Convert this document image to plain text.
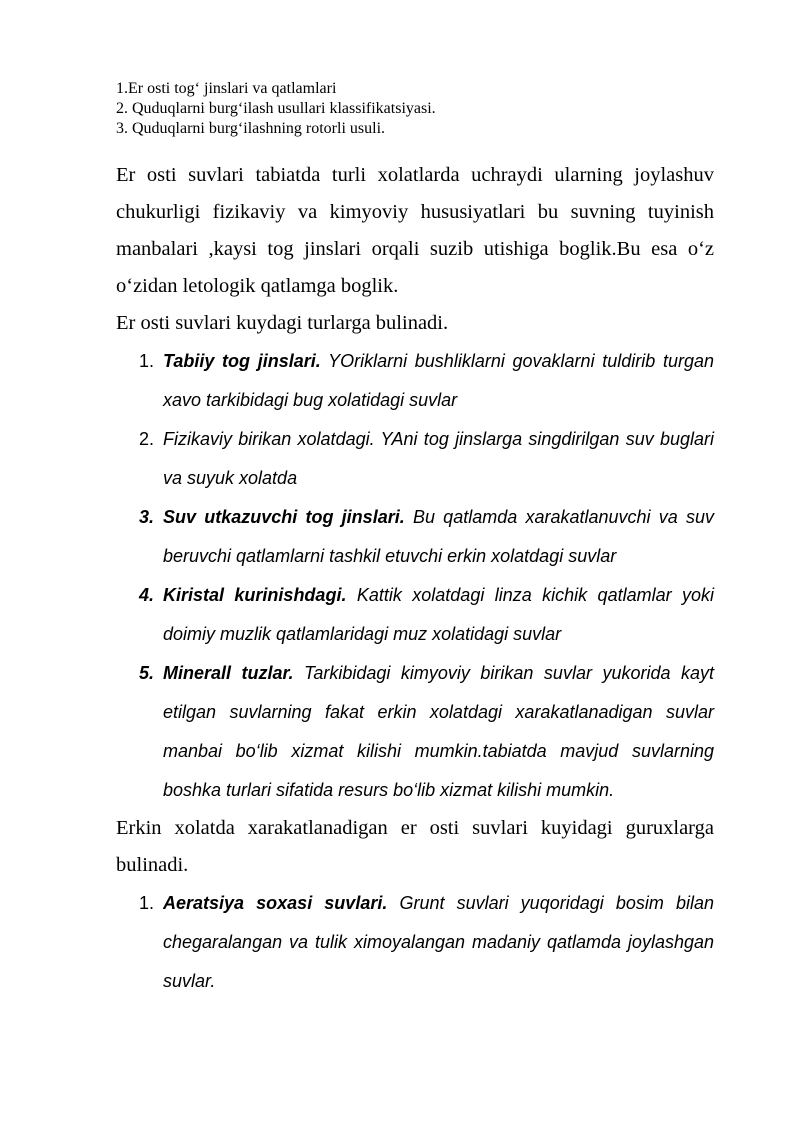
1.Er osti tog‘ jinslari va qatlamlari

2. Quduqlarni burg‘ilash usullari klassifikatsiyasi.

3. Quduqlarni burg‘ilashning rotorli usuli.

Er osti suvlari tabiatda turli xolatlarda uchraydi ularning joylashuv chukurligi fizikaviy va kimyoviy hususiyatlari bu suvning tuyinish manbalari ,kaysi tog jinslari orqali suzib utishiga boglik.Bu esa o‘z o‘zidan letologik qatlamga boglik.

Er osti suvlari kuydagi turlarga bulinadi.

1. Tabiiy tog jinslari. YOriklarni bushliklarni govaklarni tuldirib turgan xavo tarkibidagi bug xolatidagi suvlar
2. Fizikaviy birikan xolatdagi. YAni tog jinslarga singdirilgan suv buglari va suyuk xolatda
3. Suv utkazuvchi tog jinslari. Bu qatlamda xarakatlanuvchi va suv beruvchi qatlamlarni tashkil etuvchi erkin xolatdagi suvlar
4. Kiristal kurinishdagi. Kattik xolatdagi linza kichik qatlamlar yoki doimiy muzlik qatlamlaridagi muz xolatidagi suvlar
5. Minerall tuzlar. Tarkibidagi kimyoviy birikan suvlar yukorida kayt etilgan suvlarning fakat erkin xolatdagi xarakatlanadigan suvlar manbai bo‘lib xizmat kilishi mumkin.tabiatda mavjud suvlarning boshka turlari sifatida resurs bo‘lib xizmat kilishi mumkin.

Erkin xolatda xarakatlanadigan er osti suvlari kuyidagi guruxlarga bulinadi.

1. Aeratsiya soxasi suvlari. Grunt suvlari yuqoridagi bosim bilan chegaralangan va tulik ximoyalangan madaniy qatlamda joylashgan suvlar.
